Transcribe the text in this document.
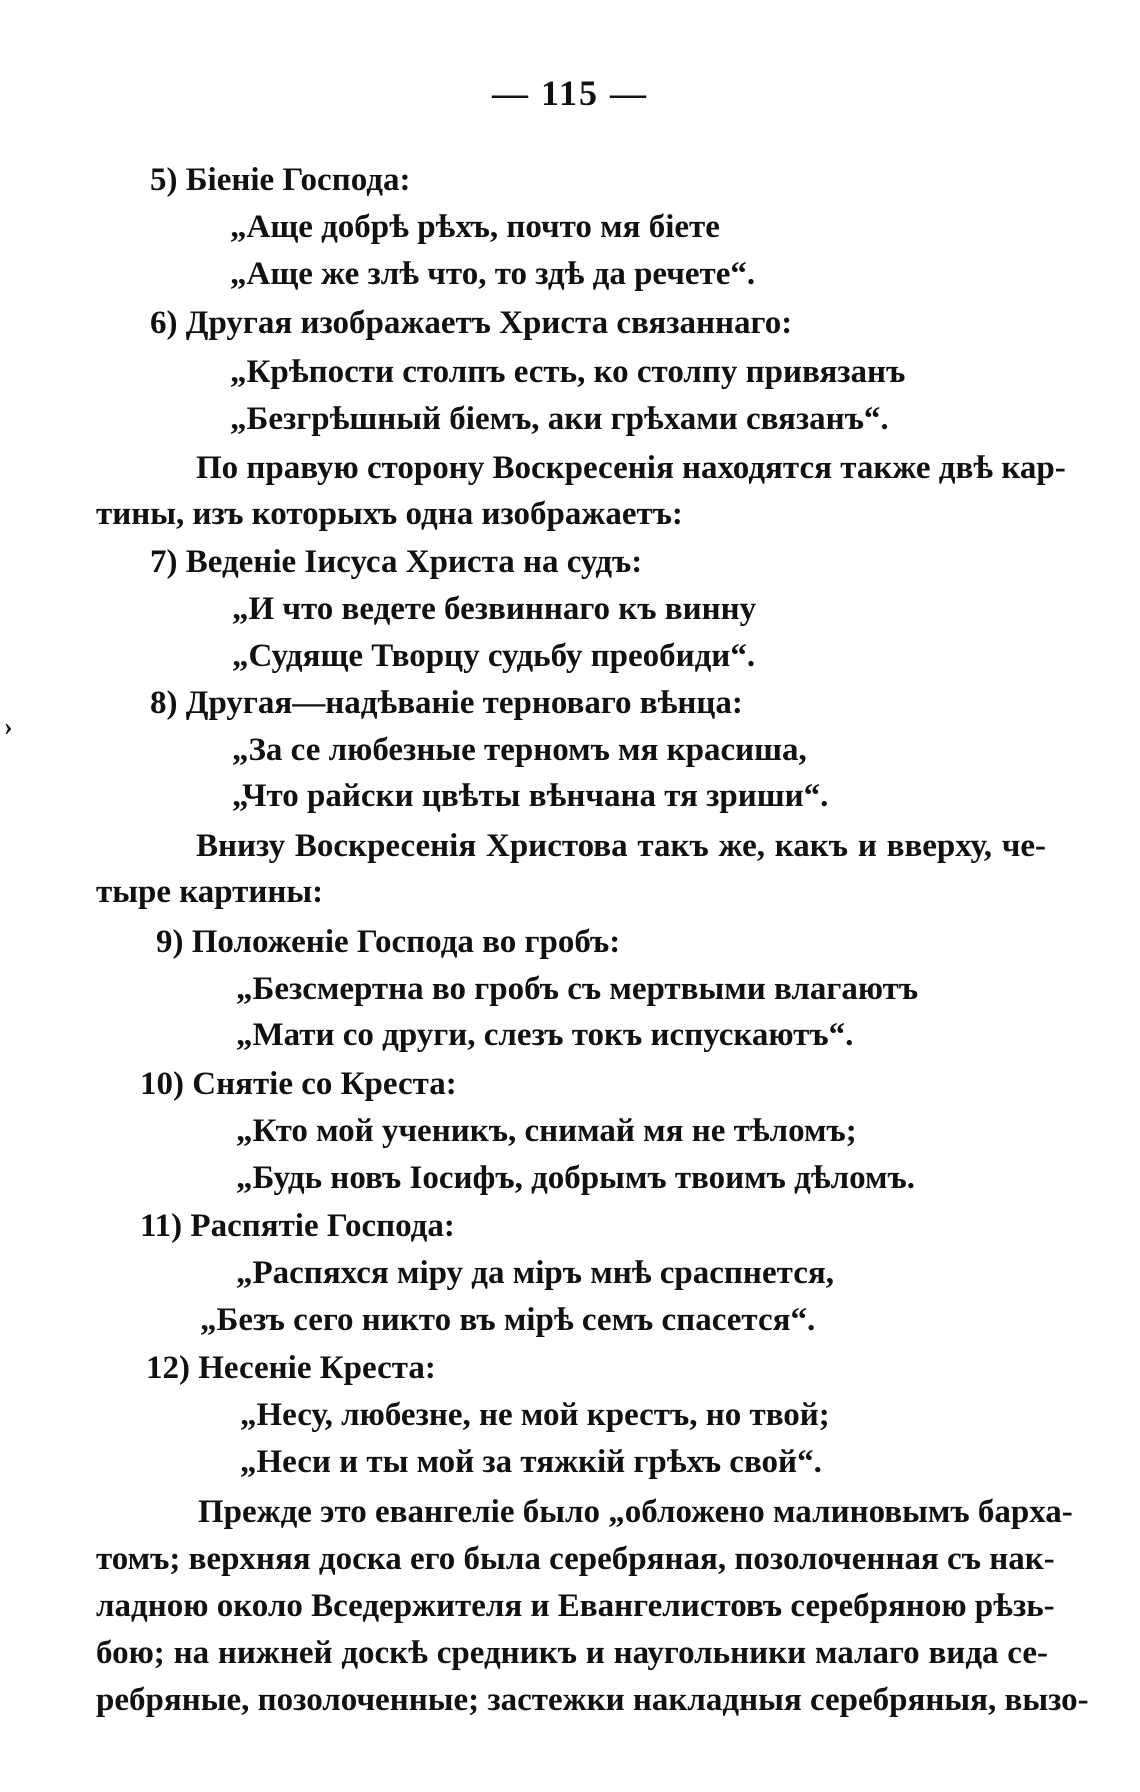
— 115 —
›
5) Біеніе Господа:
„Аще добрѣ рѣхъ, почто мя біете
„Аще же злѣ что, то здѣ да речете“.
6) Другая изображаетъ Христа связаннаго:
„Крѣпости столпъ есть, ко столпу привязанъ
„Безгрѣшный біемъ, аки грѣхами связанъ“.
По правую сторону Воскресенія находятся также двѣ кар-
тины, изъ которыхъ одна изображаетъ:
7) Веденіе Іисуса Христа на судъ:
„И что ведете безвиннаго къ винну
„Судяще Творцу судьбу преобиди“.
8) Другая—надѣваніе терноваго вѣнца:
„За се любезные терномъ мя красиша,
„Что райски цвѣты вѣнчана тя зриши“.
Внизу Воскресенія Христова такъ же, какъ и вверху, че-
тыре картины:
9) Положеніе Господа во гробъ:
„Безсмертна во гробъ съ мертвыми влагаютъ
„Мати со други, слезъ токъ испускаютъ“.
10) Снятіе со Креста:
„Кто мой ученикъ, снимай мя не тѣломъ;
„Будь новъ Іосифъ, добрымъ твоимъ дѣломъ.
11) Распятіе Господа:
„Распяхся міру да міръ мнѣ сраспнется,
„Безъ сего никто въ мірѣ семъ спасется“.
12) Несеніе Креста:
„Несу, любезне, не мой крестъ, но твой;
„Неси и ты мой за тяжкій грѣхъ свой“.
Прежде это евангеліе было „обложено малиновымъ барха-
томъ; верхняя доска его была серебряная, позолоченная съ нак-
ладною около Вседержителя и Евангелистовъ серебряною рѣзь-
бою; на нижней доскѣ средникъ и наугольники малаго вида се-
ребряные, позолоченные; застежки накладныя серебряныя, вызо-
